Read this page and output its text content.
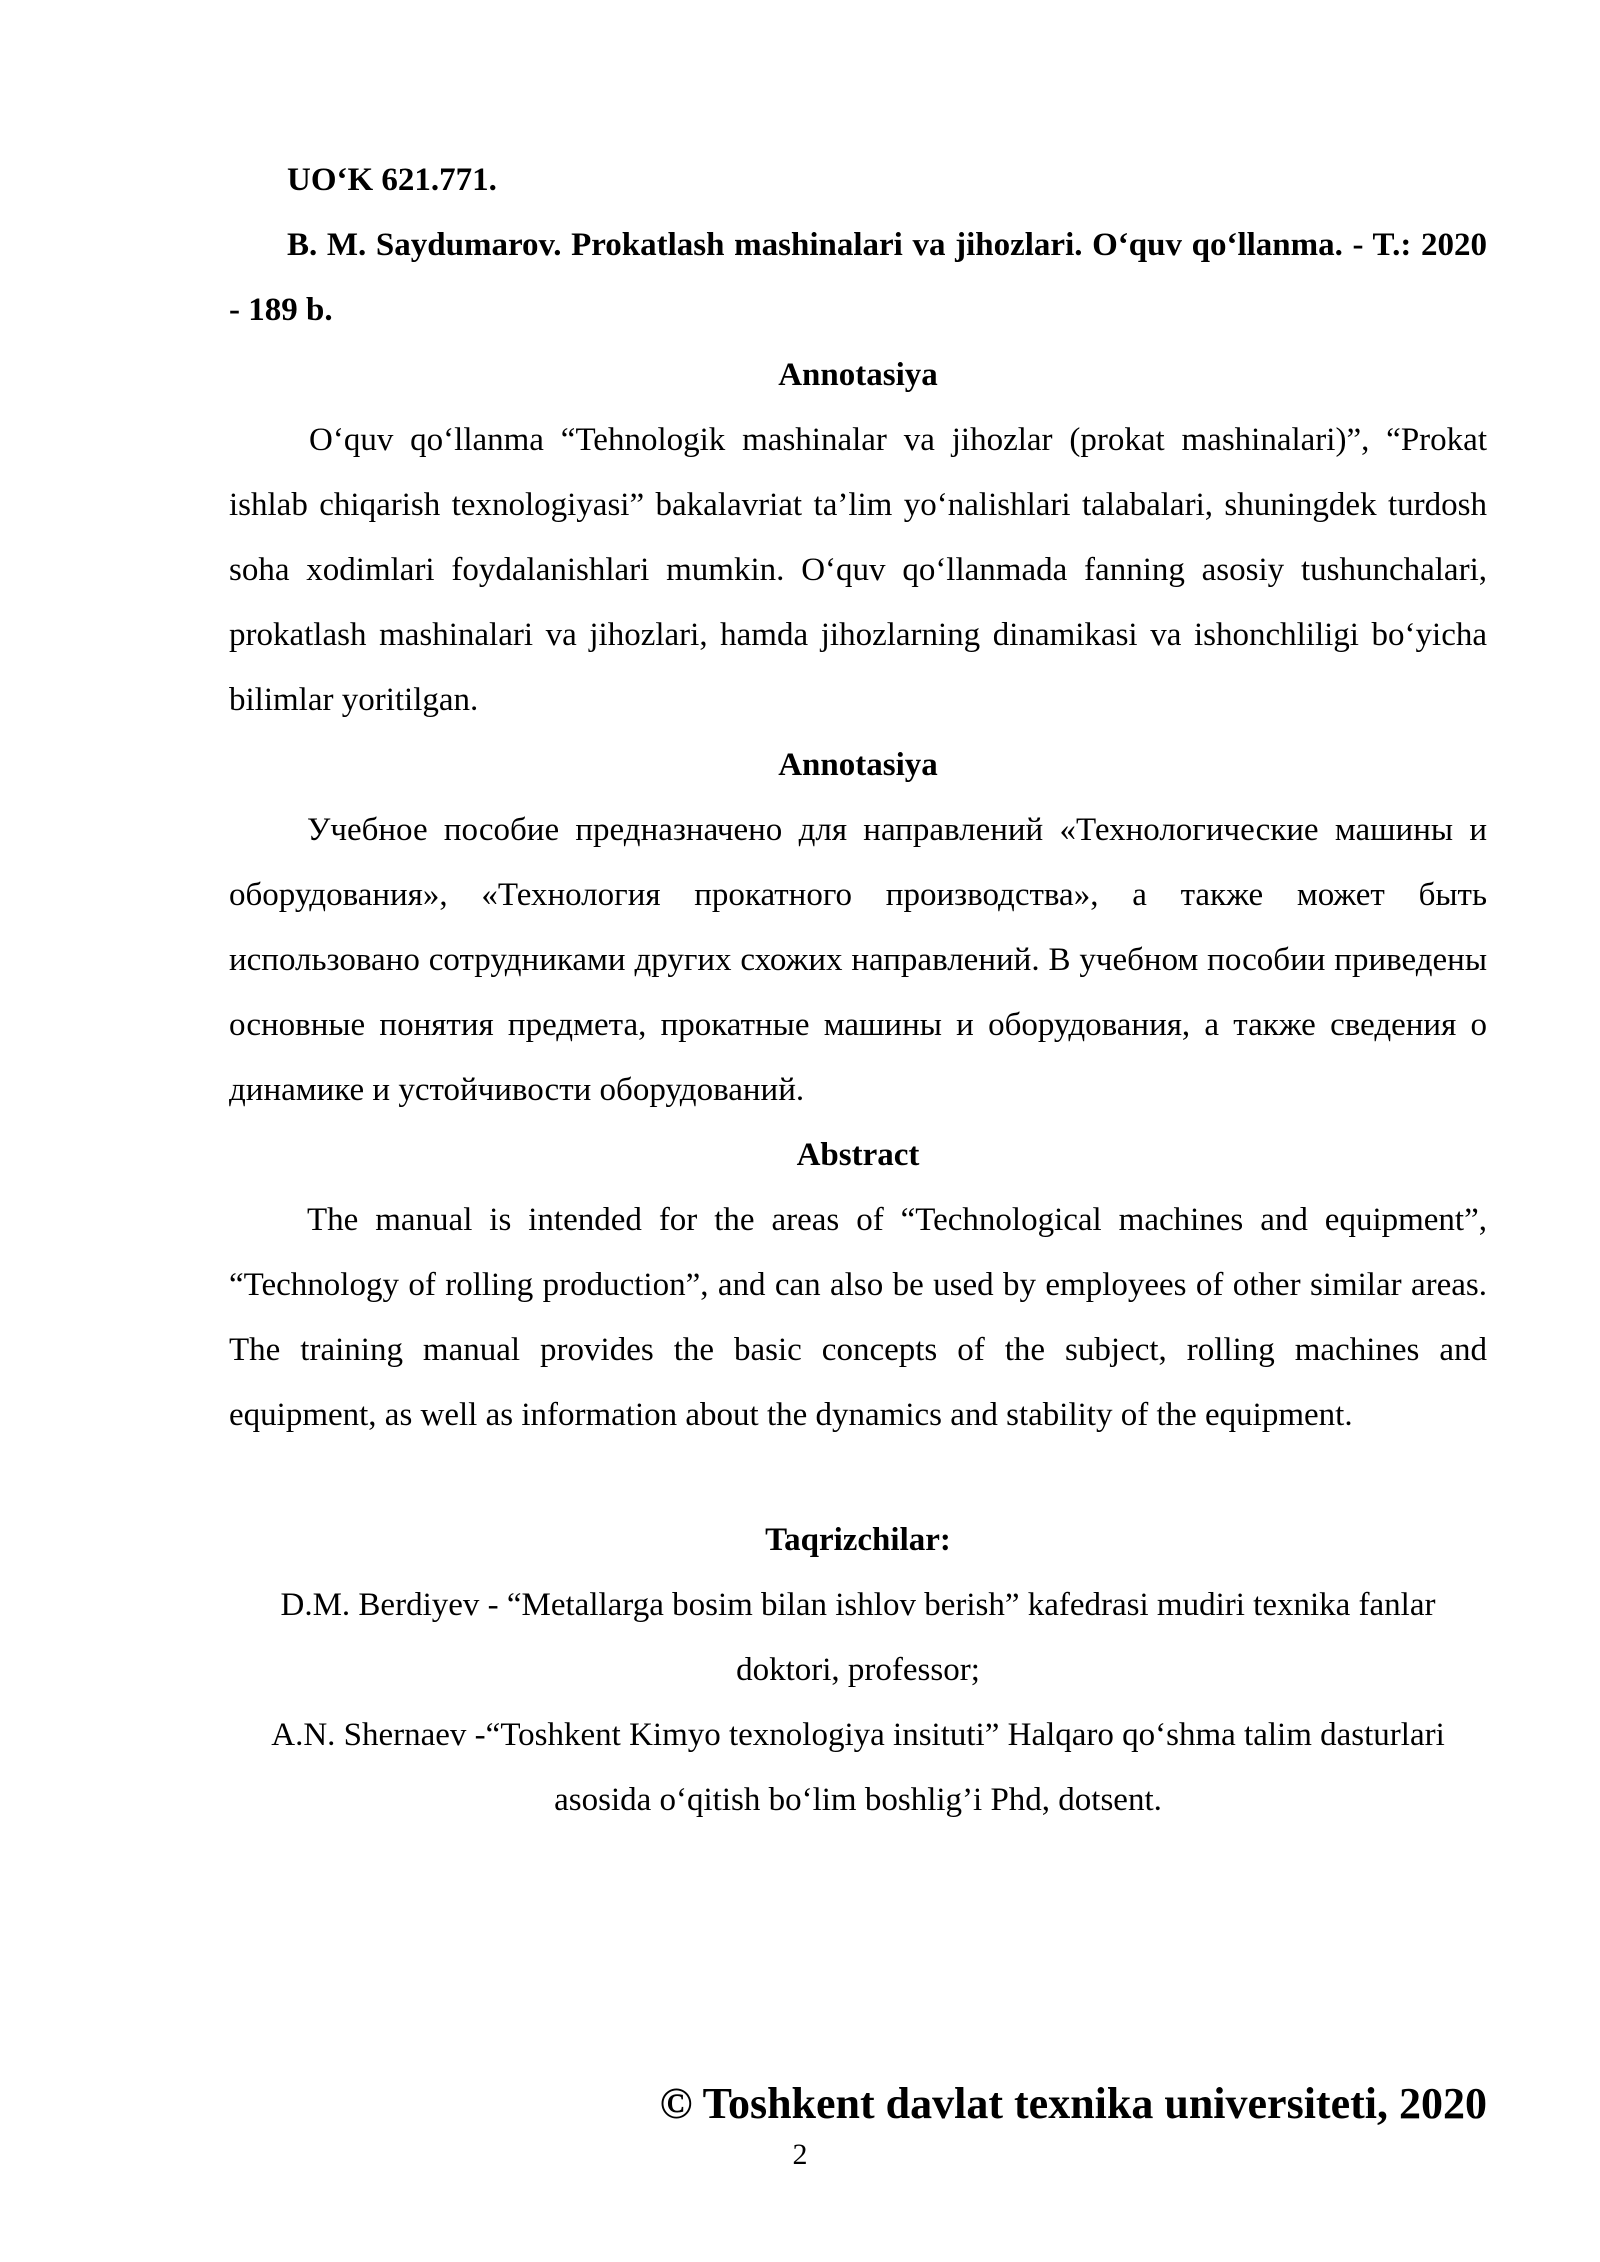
UO‘K 621.771.

B. M. Saydumarov. Prokatlash mashinalari va jihozlari. O‘quv qo‘llanma. - T.: 2020 - 189 b.

Annotasiya

O‘quv qo‘llanma “Tehnologik mashinalar va jihozlar (prokat mashinalari)”, “Prokat ishlab chiqarish texnologiyasi” bakalavriat ta’lim yo‘nalishlari talabalari, shuningdek turdosh soha xodimlari foydalanishlari mumkin. O‘quv qo‘llanmada fanning asosiy tushunchalari, prokatlash mashinalari va jihozlari, hamda jihozlarning dinamikasi va ishonchliligi bo‘yicha bilimlar yoritilgan.

Annotasiya

Учебное пособие предназначено для направлений «Технологические машины и оборудования», «Технология прокатного производства», а также может быть использовано сотрудниками других схожих направлений. В учебном пособии приведены основные понятия предмета, прокатные машины и оборудования, а также сведения о динамике и устойчивости оборудований.

Abstract

The manual is intended for the areas of “Technological machines and equipment”, “Technology of rolling production”, and can also be used by employees of other similar areas. The training manual provides the basic concepts of the subject, rolling machines and equipment, as well as information about the dynamics and stability of the equipment.

Taqrizchilar:

D.M. Berdiyev - “Metallarga bosim bilan ishlov berish” kafedrasi mudiri texnika fanlar doktori, professor;

A.N. Shernaev -“Toshkent Kimyo texnologiya insituti” Halqaro qo‘shma talim dasturlari asosida o‘qitish bo‘lim boshlig’i Phd, dotsent.

© Toshkent davlat texnika universiteti, 2020
2
